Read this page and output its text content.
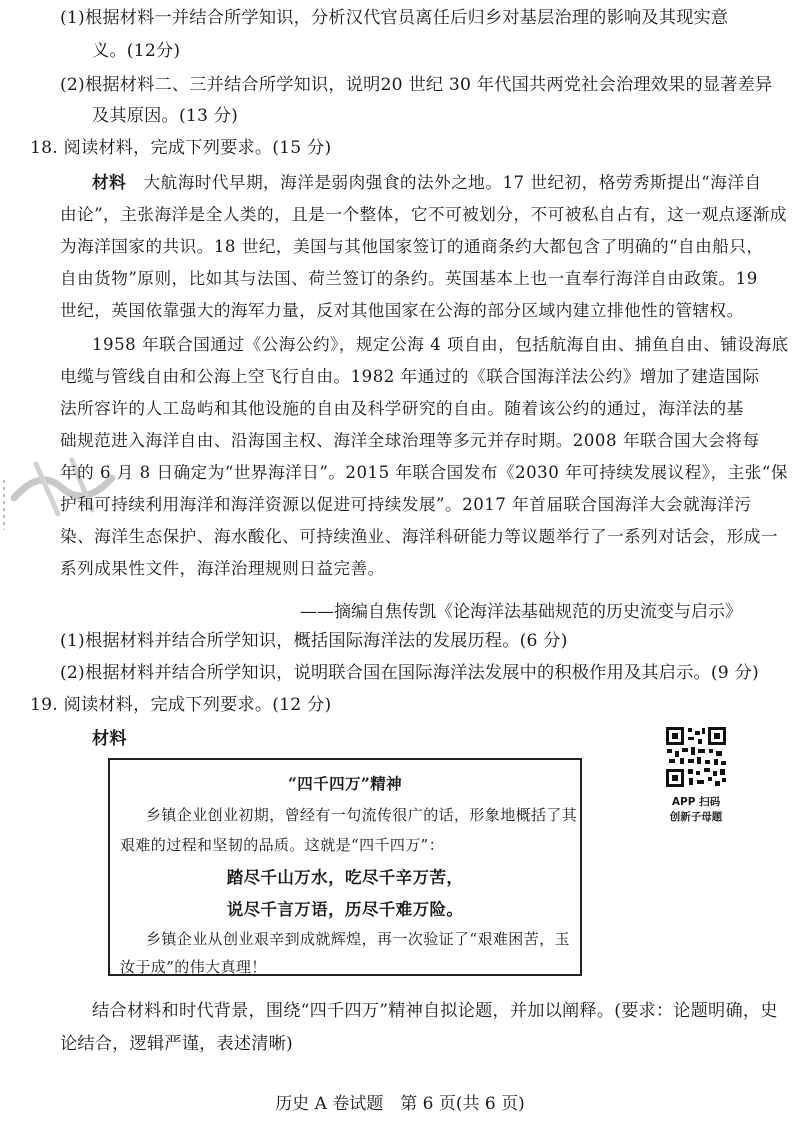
(1)根据材料一并结合所学知识，分析汉代官员离任后归乡对基层治理的影响及其现实意
义。(12分)
(2)根据材料二、三并结合所学知识，说明20 世纪 30 年代国共两党社会治理效果的显著差异
及其原因。(13 分)
18. 阅读材料，完成下列要求。(15 分)
材料 大航海时代早期，海洋是弱肉强食的法外之地。17 世纪初，格劳秀斯提出“海洋自
由论”，主张海洋是全人类的，且是一个整体，它不可被划分，不可被私自占有，这一观点逐渐成
为海洋国家的共识。18 世纪，美国与其他国家签订的通商条约大都包含了明确的“自由船只，
自由货物”原则，比如其与法国、荷兰签订的条约。英国基本上也一直奉行海洋自由政策。19
世纪，英国依靠强大的海军力量，反对其他国家在公海的部分区域内建立排他性的管辖权。
1958 年联合国通过《公海公约》，规定公海 4 项自由，包括航海自由、捕鱼自由、铺设海底
电缆与管线自由和公海上空飞行自由。1982 年通过的《联合国海洋法公约》增加了建造国际
法所容许的人工岛屿和其他设施的自由及科学研究的自由。随着该公约的通过，海洋法的基
础规范进入海洋自由、沿海国主权、海洋全球治理等多元并存时期。2008 年联合国大会将每
年的 6 月 8 日确定为“世界海洋日”。2015 年联合国发布《2030 年可持续发展议程》，主张“保
护和可持续利用海洋和海洋资源以促进可持续发展”。2017 年首届联合国海洋大会就海洋污
染、海洋生态保护、海水酸化、可持续渔业、海洋科研能力等议题举行了一系列对话会，形成一
系列成果性文件，海洋治理规则日益完善。
——摘编自焦传凯《论海洋法基础规范的历史流变与启示》
(1)根据材料并结合所学知识，概括国际海洋法的发展历程。(6 分)
(2)根据材料并结合所学知识，说明联合国在国际海洋法发展中的积极作用及其启示。(9 分)
19. 阅读材料，完成下列要求。(12 分)
材料
“四千四万”精神
乡镇企业创业初期，曾经有一句流传很广的话，形象地概括了其
艰难的过程和坚韧的品质。这就是“四千四万”：
踏尽千山万水，吃尽千辛万苦，
说尽千言万语，历尽千难万险。
乡镇企业从创业艰辛到成就辉煌，再一次验证了“艰难困苦，玉
汝于成”的伟大真理！
APP 扫码
创新子母题
结合材料和时代背景，围绕“四千四万”精神自拟论题，并加以阐释。(要求：论题明确，史
论结合，逻辑严谨，表述清晰)
历史 A 卷试题　第 6 页(共 6 页)
